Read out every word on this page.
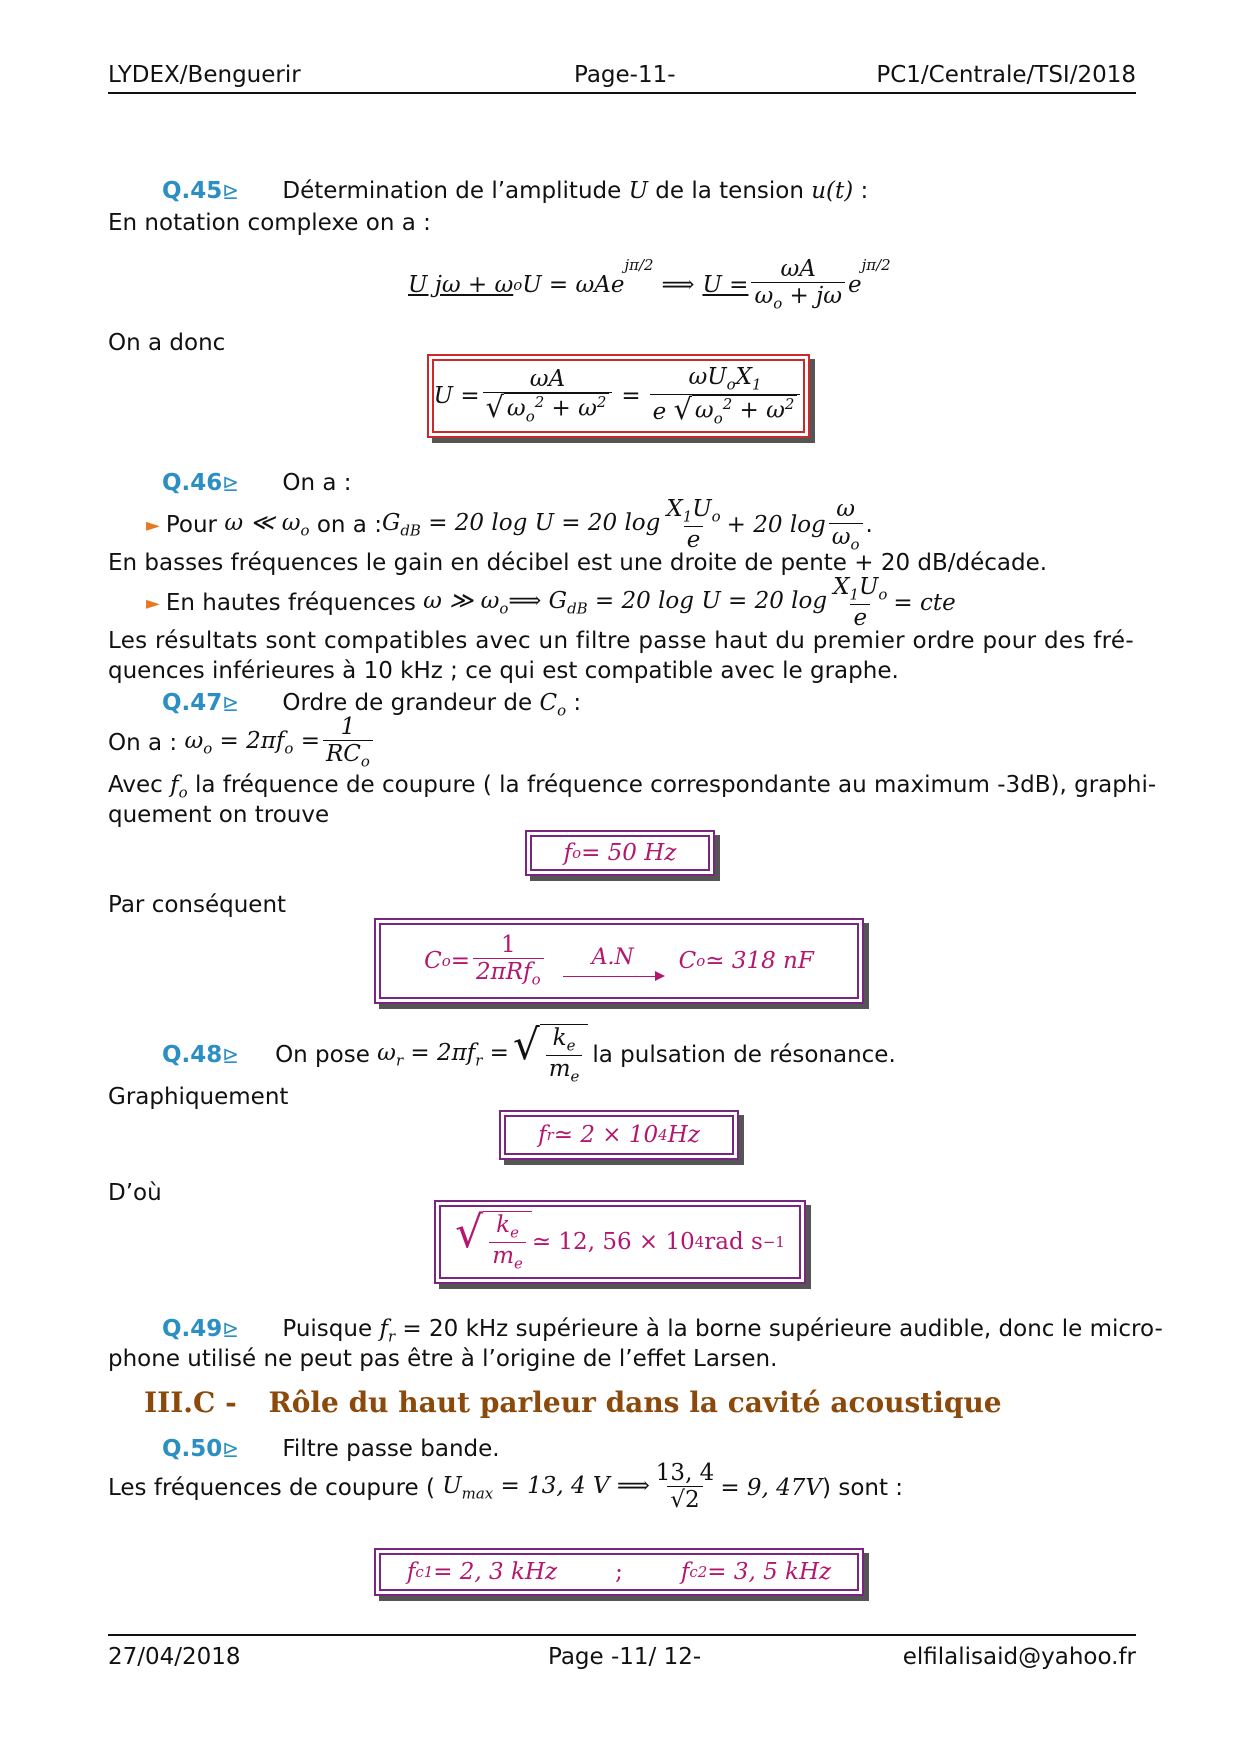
LYDEX/Benguerir	Page-11-	PC1/Centrale/TSI/2018
Q.45⊵ Détermination de l’amplitude U de la tension u(t) :
En notation complexe on a :
U jω + ω o U = ωAe
$^{j\pi/2}$
⟹ $U = \frac{\omega A}{\omega_o + j\omega}$ e
$^{j\pi/2}$
On a donc
$U = \frac{\omega A}{√ \omega_o^2 + \omega^2} = \frac{\omega U_oX_1}{e √ \omega_o^2 + \omega^2}$
Q.46⊵ On a :
► Pour
ω ≪ $\omega_o$
on a : $G_{dB} = 20$ log U = 20 $\log \frac{X_1U_o}{e} + 20$ $\log \frac{\omega}{\omega_o}$ .
En basses fréquences le gain en décibel est une droite de pente + 20 dB/décade.
► En hautes fréquences
ω ≫ $\omega_o$ ⟹ $G_{dB} = 20$ log U = 20 $\log \frac{X_1U_o}{e}$ = cte
Les résultats sont compatibles avec un filtre passe haut du premier ordre pour des fré-
quences inférieures à 10 kHz ; ce qui est compatible avec le graphe.
Q.47⊵ Ordre de grandeur de $C_o$ :
On a :
$\omega_o = 2\pi f_o = \frac{1}{RC_o}$
Avec $f_o$ la fréquence de coupure ( la fréquence correspondante au maximum -3dB), graphi-
quement on trouve
f o = 50 Hz
Par conséquent
C $o = \frac{1}{2\pi Rf_o} A.N$ C o ≃ 318 nF
Q.48 ⊵ On pose
$\omega_r = 2\pi f_r$ = √ $\frac{k_e}{m_e}$ la pulsation de résonance.
Graphiquement
f r ≃ 2 × 10 4 Hz
D’où
√ $\frac{k_e}{m_e}$ ≃ 12, 56 × 10 4 rad s −1
Q.49⊵ Puisque $f_r = 20$ kHz supérieure à la borne supérieure audible, donc le micro-
phone utilisé ne peut pas être à l’origine de l’effet Larsen.
III.C - Rôle du haut parleur dans la cavité acoustique
Q.50⊵ Filtre passe bande.
Les fréquences de coupure (
$U_{max} = 13$, 4 V ⟹ $\frac{13, 4}{√2} = 9$, 47V ) sont :
f c1 = 2, 3 kHz	;	f c2 = 3, 5 kHz
27/04/2018	Page -11/ 12-	elfilalisaid@yahoo.fr
